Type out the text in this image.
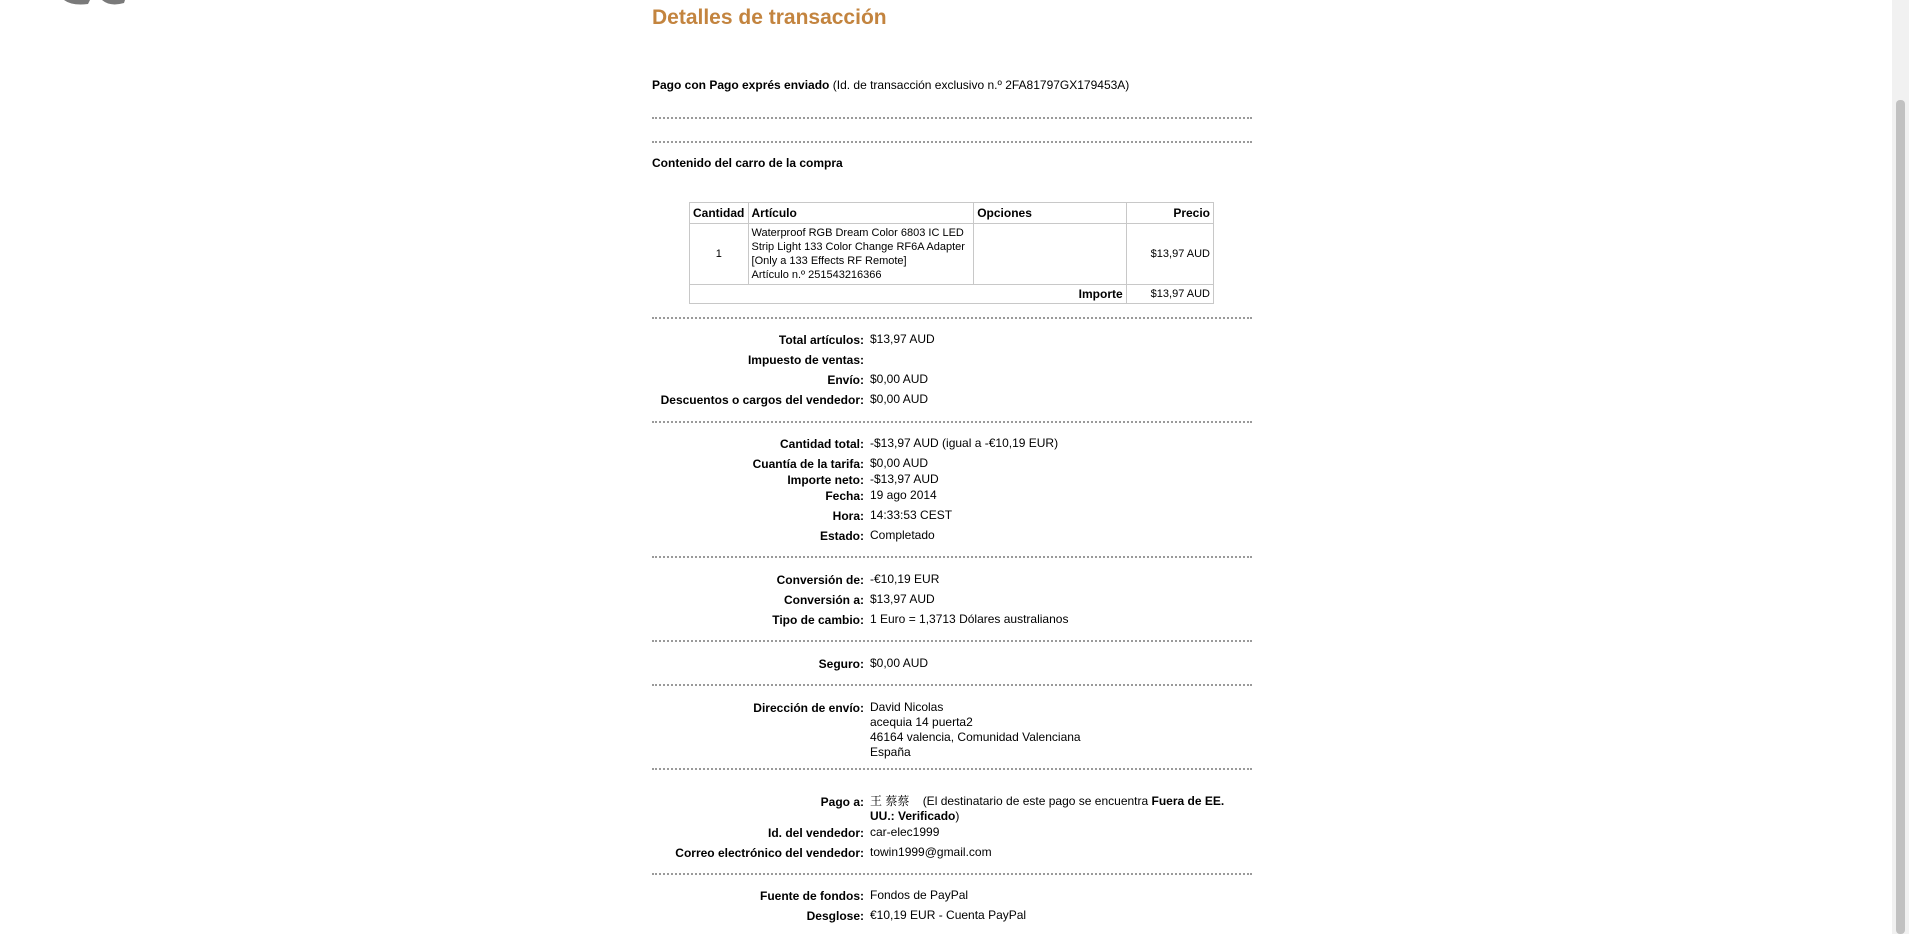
Detalles de transacción
Pago con Pago exprés enviado (Id. de transacción exclusivo n.º 2FA81797GX179453A)
Contenido del carro de la compra
Cantidad	Artículo	Opciones	Precio
1	Waterproof RGB Dream Color 6803 IC LED
Strip Light 133 Color Change RF6A Adapter
[Only a 133 Effects RF Remote]
Artículo n.º 251543216366		$13,97 AUD
Importe			$13,97 AUD
Total artículos: $13,97 AUD
Impuesto de ventas:
Envío: $0,00 AUD
Descuentos o cargos del vendedor: $0,00 AUD
Cantidad total: -$13,97 AUD (igual a -€10,19 EUR)
Cuantía de la tarifa: $0,00 AUD
Importe neto: -$13,97 AUD
Fecha: 19 ago 2014
Hora: 14:33:53 CEST
Estado: Completado
Conversión de: -€10,19 EUR
Conversión a: $13,97 AUD
Tipo de cambio: 1 Euro = 1,3713 Dólares australianos
Seguro: $0,00 AUD
Dirección de envío: David Nicolas
acequia 14 puerta2
46164 valencia, Comunidad Valenciana
España
Pago a: 王 蔡蔡 (El destinatario de este pago se encuentra Fuera de EE. UU.: Verificado)
Id. del vendedor: car-elec1999
Correo electrónico del vendedor: towin1999@gmail.com
Fuente de fondos: Fondos de PayPal
Desglose: €10,19 EUR - Cuenta PayPal
